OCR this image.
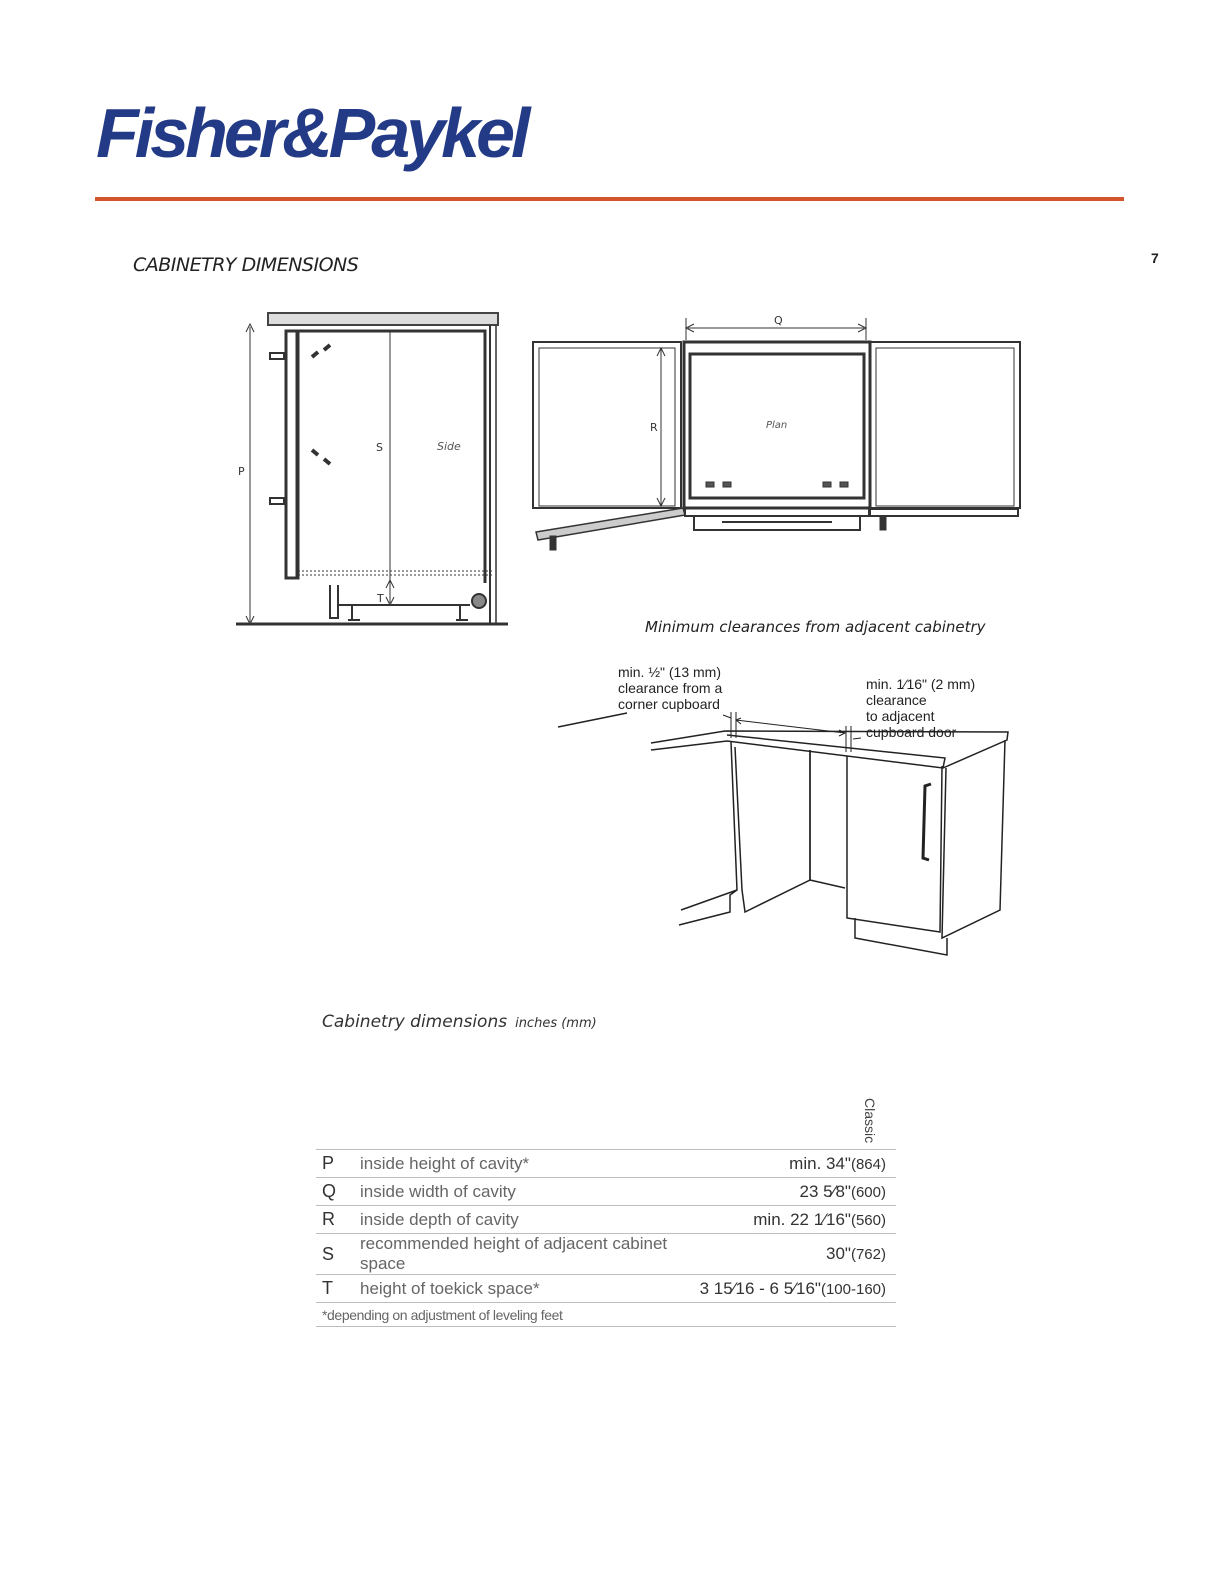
Fisher&Paykel
CABINETRY DIMENSIONS	7
P
S
T
Side
Q
R	Plan
Minimum clearances from adjacent cabinetry
min. ½" (13 mm)
clearance from a
corner cupboard
min. 1⁄16" (2 mm)
clearance
to adjacent
cupboard door
Cabinetry dimensions inches (mm)
Classic
P	inside height of cavity*	min. 34"(864)
Q	inside width of cavity	23 5⁄8"(600)
R	inside depth of cavity	min. 22 1⁄16"(560)
S	recommended height of adjacent cabinet space	30"(762)
T	height of toekick space*	3 15⁄16 - 6 5⁄16"(100-160)
*depending on adjustment of leveling feet		
